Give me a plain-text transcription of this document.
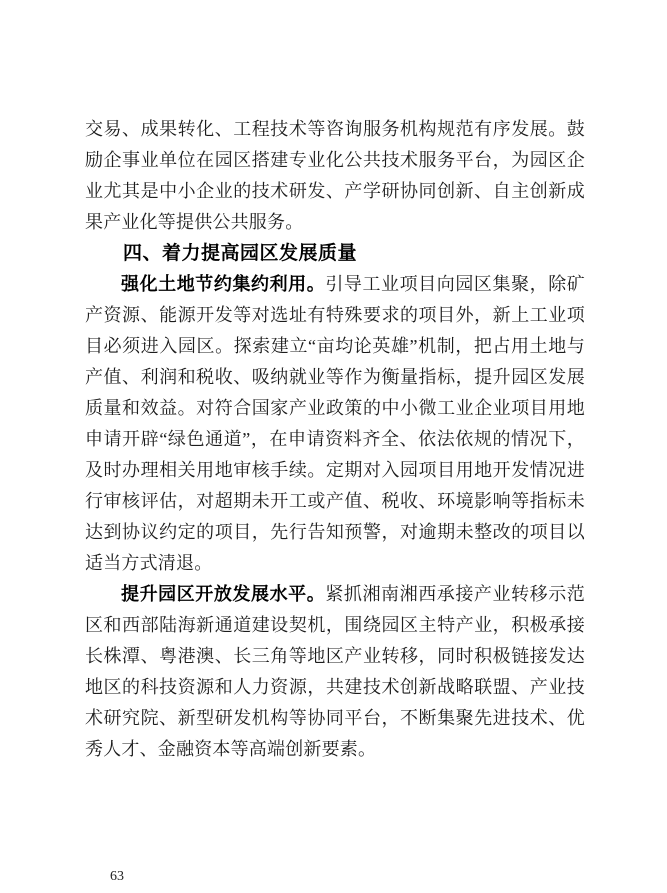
交易、成果转化、工程技术等咨询服务机构规范有序发展。鼓励企事业单位在园区搭建专业化公共技术服务平台，为园区企业尤其是中小企业的技术研发、产学研协同创新、自主创新成果产业化等提供公共服务。

四、着力提高园区发展质量

强化土地节约集约利用。引导工业项目向园区集聚，除矿产资源、能源开发等对选址有特殊要求的项目外，新上工业项目必须进入园区。探索建立“亩均论英雄”机制，把占用土地与产值、利润和税收、吸纳就业等作为衡量指标，提升园区发展质量和效益。对符合国家产业政策的中小微工业企业项目用地申请开辟“绿色通道”，在申请资料齐全、依法依规的情况下，及时办理相关用地审核手续。定期对入园项目用地开发情况进行审核评估，对超期未开工或产值、税收、环境影响等指标未达到协议约定的项目，先行告知预警，对逾期未整改的项目以适当方式清退。

提升园区开放发展水平。紧抓湘南湘西承接产业转移示范区和西部陆海新通道建设契机，围绕园区主特产业，积极承接长株潭、粤港澳、长三角等地区产业转移，同时积极链接发达地区的科技资源和人力资源，共建技术创新战略联盟、产业技术研究院、新型研发机构等协同平台，不断集聚先进技术、优秀人才、金融资本等高端创新要素。

63
